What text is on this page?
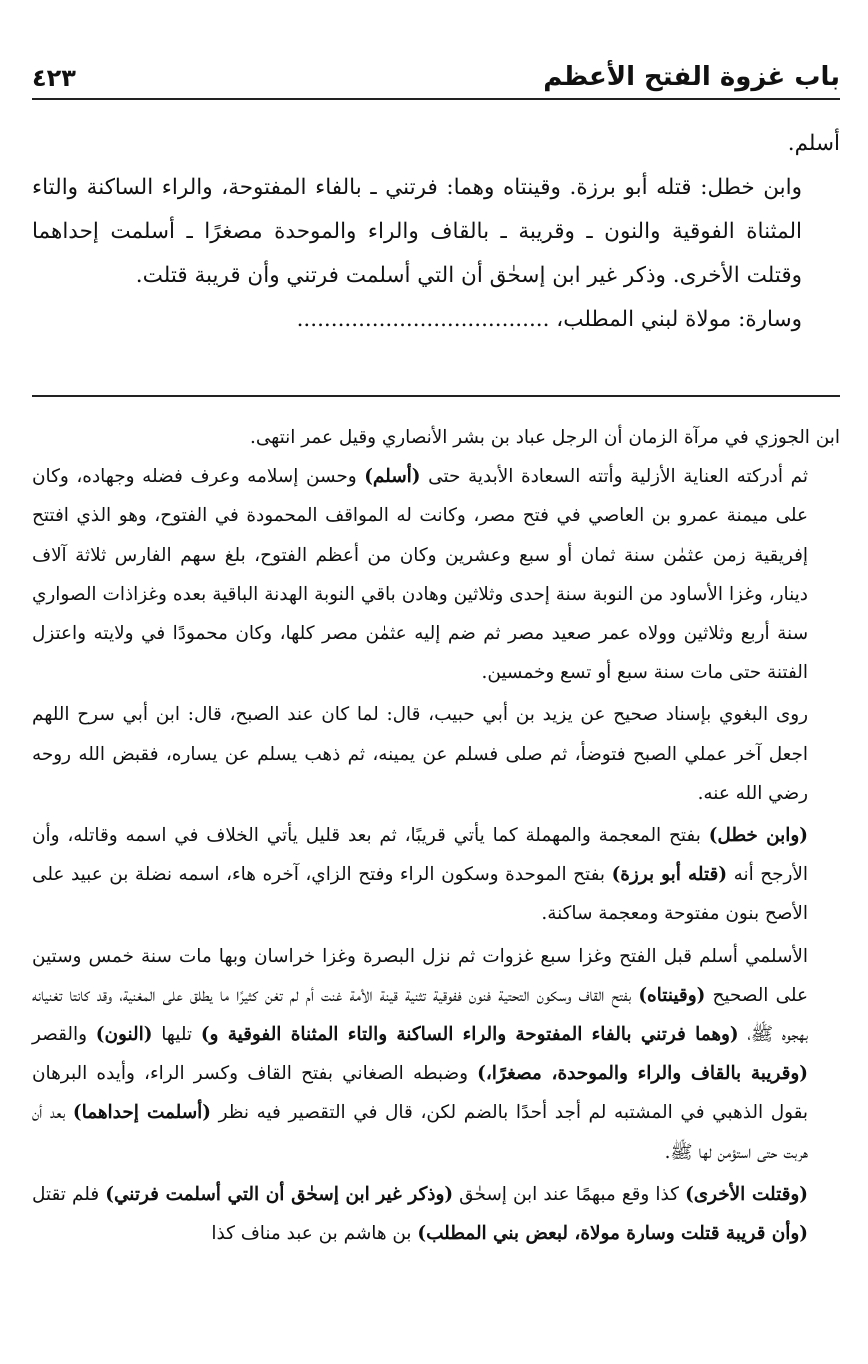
باب غزوة الفتح الأعظم
٤٢٣

أسلم.

وابن خطل: قتله أبو برزة. وقينتاه وهما: فرتني ـ بالفاء المفتوحة، والراء الساكنة والتاء المثناة الفوقية والنون ـ وقريبة ـ بالقاف والراء والموحدة مصغرًا ـ أسلمت إحداهما وقتلت الأخرى. وذكر غير ابن إسحٰق أن التي أسلمت فرتني وأن قريبة قتلت.

وسارة: مولاة لبني المطلب، .....................................

ابن الجوزي في مرآة الزمان أن الرجل عباد بن بشر الأنصاري وقيل عمر انتهى.

ثم أدركته العناية الأزلية وأتته السعادة الأبدية حتى (أسلم) وحسن إسلامه وعرف فضله وجهاده، وكان على ميمنة عمرو بن العاصي في فتح مصر، وكانت له المواقف المحمودة في الفتوح، وهو الذي افتتح إفريقية زمن عثمٰن سنة ثمان أو سبع وعشرين وكان من أعظم الفتوح، بلغ سهم الفارس ثلاثة آلاف دينار، وغزا الأساود من النوبة سنة إحدى وثلاثين وهادن باقي النوبة الهدنة الباقية بعده وغزاذات الصواري سنة أربع وثلاثين وولاه عمر صعيد مصر ثم ضم إليه عثمٰن مصر كلها، وكان محمودًا في ولايته واعتزل الفتنة حتى مات سنة سبع أو تسع وخمسين.

روى البغوي بإسناد صحيح عن يزيد بن أبي حبيب، قال: لما كان عند الصبح، قال: ابن أبي سرح اللهم اجعل آخر عملي الصبح فتوضأ، ثم صلى فسلم عن يمينه، ثم ذهب يسلم عن يساره، فقبض الله روحه رضي الله عنه.

(وابن خطل) بفتح المعجمة والمهملة كما يأتي قريبًا، ثم بعد قليل يأتي الخلاف في اسمه وقاتله، وأن الأرجح أنه (قتله أبو برزة) بفتح الموحدة وسكون الراء وفتح الزاي، آخره هاء، اسمه نضلة بن عبيد على الأصح بنون مفتوحة ومعجمة ساكنة.

الأسلمي أسلم قبل الفتح وغزا سبع غزوات ثم نزل البصرة وغزا خراسان وبها مات سنة خمس وستين على الصحيح (وقينتاه) بفتح القاف وسكون التحتية فنون ففوقية تثنية قينة الأمة غنت أم لم تغن كثيرًا ما يطلق على المغنية، وقد كانتا تغنيانه بهجوه ﷺ، (وهما فرتني بالفاء المفتوحة والراء الساكنة والتاء المثناة الفوقية و) تليها (النون) والقصر (وقريبة بالقاف والراء والموحدة، مصغرًا،) وضبطه الصغاني بفتح القاف وكسر الراء، وأيده البرهان بقول الذهبي في المشتبه لم أجد أحدًا بالضم لكن، قال في التقصير فيه نظر (أسلمت إحداهما) بعد أن هربت حتى استؤمن لها ﷺ.

(وقتلت الأخرى) كذا وقع مبهمًا عند ابن إسحٰق (وذكر غير ابن إسحٰق أن التي أسلمت فرتني) فلم تقتل (وأن قريبة قتلت وسارة مولاة، لبعض بني المطلب) بن هاشم بن عبد مناف كذا
